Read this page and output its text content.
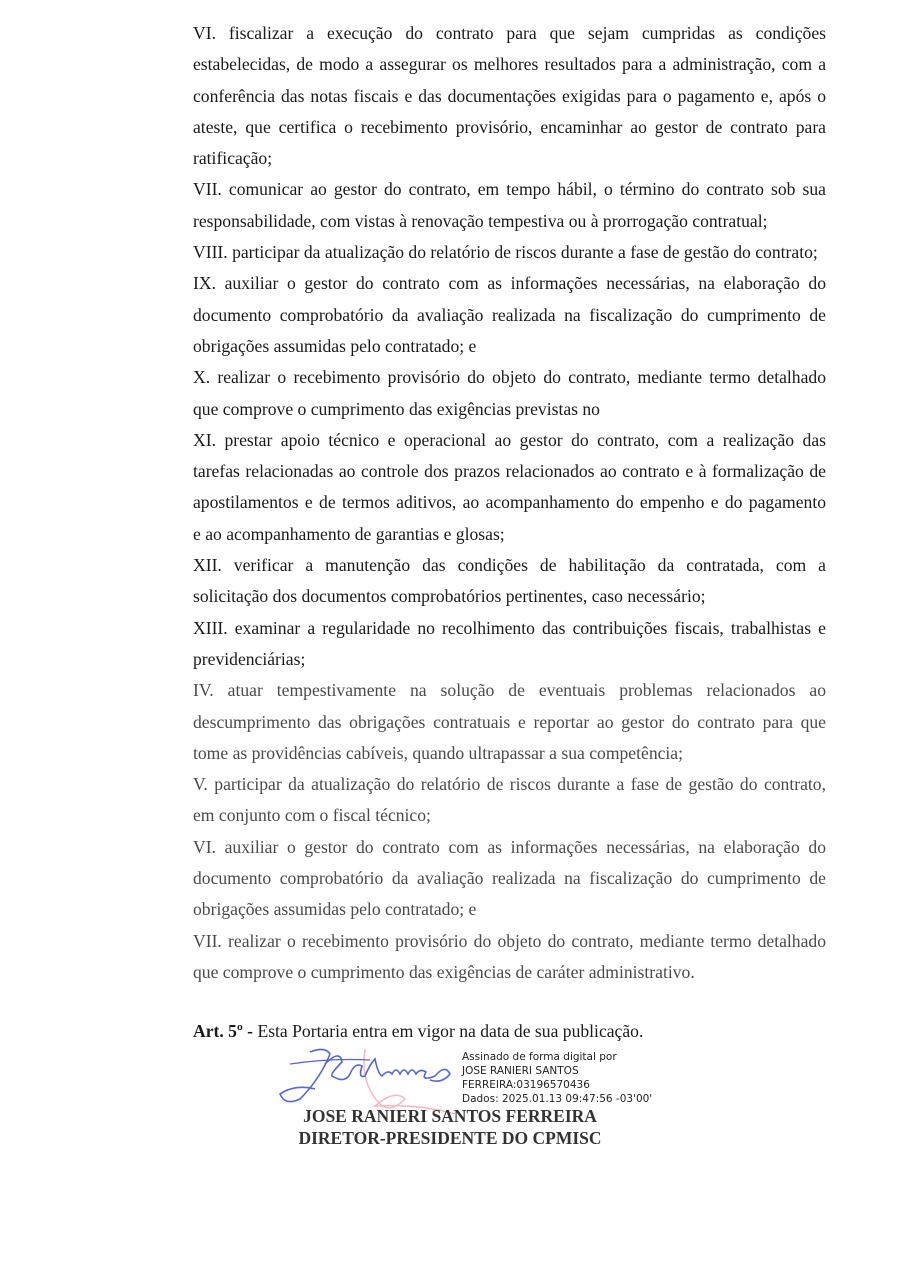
VI. fiscalizar a execução do contrato para que sejam cumpridas as condições
estabelecidas, de modo a assegurar os melhores resultados para a administração, com a
conferência das notas fiscais e das documentações exigidas para o pagamento e, após o
ateste, que certifica o recebimento provisório, encaminhar ao gestor de contrato para
ratificação;
VII. comunicar ao gestor do contrato, em tempo hábil, o término do contrato sob sua
responsabilidade, com vistas à renovação tempestiva ou à prorrogação contratual;
VIII. participar da atualização do relatório de riscos durante a fase de gestão do contrato;
IX. auxiliar o gestor do contrato com as informações necessárias, na elaboração do
documento comprobatório da avaliação realizada na fiscalização do cumprimento de
obrigações assumidas pelo contratado; e
X. realizar o recebimento provisório do objeto do contrato, mediante termo detalhado
que comprove o cumprimento das exigências previstas no
XI. prestar apoio técnico e operacional ao gestor do contrato, com a realização das
tarefas relacionadas ao controle dos prazos relacionados ao contrato e à formalização de
apostilamentos e de termos aditivos, ao acompanhamento do empenho e do pagamento
e ao acompanhamento de garantias e glosas;
XII. verificar a manutenção das condições de habilitação da contratada, com a
solicitação dos documentos comprobatórios pertinentes, caso necessário;
XIII. examinar a regularidade no recolhimento das contribuições fiscais, trabalhistas e
previdenciárias;
IV. atuar tempestivamente na solução de eventuais problemas relacionados ao
descumprimento das obrigações contratuais e reportar ao gestor do contrato para que
tome as providências cabíveis, quando ultrapassar a sua competência;
V. participar da atualização do relatório de riscos durante a fase de gestão do contrato,
em conjunto com o fiscal técnico;
VI. auxiliar o gestor do contrato com as informações necessárias, na elaboração do
documento comprobatório da avaliação realizada na fiscalização do cumprimento de
obrigações assumidas pelo contratado; e
VII. realizar o recebimento provisório do objeto do contrato, mediante termo detalhado
que comprove o cumprimento das exigências de caráter administrativo.
Art. 5º - Esta Portaria entra em vigor na data de sua publicação.
Assinado de forma digital por
JOSE RANIERI SANTOS
FERREIRA:03196570436
Dados: 2025.01.13 09:47:56 -03'00'
JOSE RANIERI SANTOS FERREIRA
DIRETOR-PRESIDENTE DO CPMISC
